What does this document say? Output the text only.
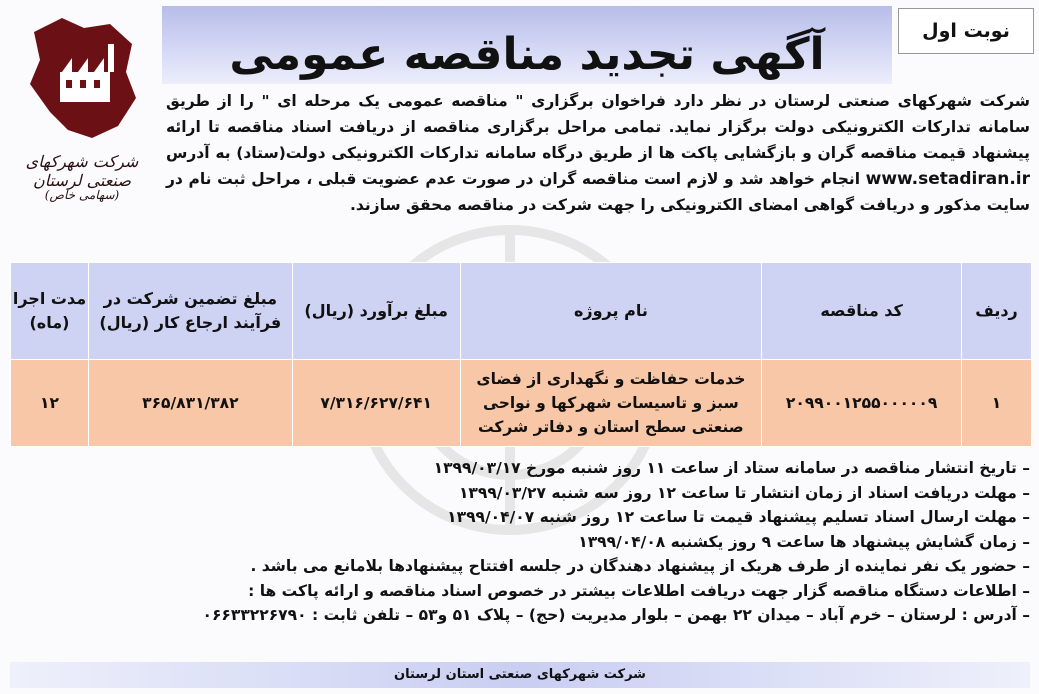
آگهی تجدید مناقصه عمومی	نوبت اول
شرکت شهرکهای صنعتی لرستان
(سهامی خاص)
شرکت شهرکهای صنعتی لرستان در نظر دارد فراخوان برگزاری " مناقصه عمومی یک مرحله ای " را از طریق سامانه تدارکات الکترونیکی دولت برگزار نماید. تمامی مراحل برگزاری مناقصه از دریافت اسناد مناقصه تا ارائه پیشنهاد قیمت مناقصه گران و بازگشایی پاکت ها از طریق درگاه سامانه تدارکات الکترونیکی دولت(ستاد) به آدرس www.setadiran.ir انجام خواهد شد و لازم است مناقصه گران در صورت عدم عضویت قبلی ، مراحل ثبت نام در سایت مذکور و دریافت گواهی امضای الکترونیکی را جهت شرکت در مناقصه محقق سازند.
ردیف	کد مناقصه	نام پروژه	مبلغ برآورد (ریال)	مبلغ تضمین شرکت در فرآیند ارجاع کار (ریال)	مدت اجرا (ماه)
۱	۲۰۹۹۰۰۱۲۵۵۰۰۰۰۰۹	خدمات حفاظت و نگهداری از فضای سبز و تاسیسات شهرکها و نواحی صنعتی سطح استان و دفاتر شرکت	۷/۳۱۶/۶۲۷/۶۴۱	۳۶۵/۸۳۱/۳۸۲	۱۲
– تاریخ انتشار مناقصه در سامانه ستاد از ساعت ۱۱ روز شنبه مورخ ۱۳۹۹/۰۳/۱۷
– مهلت دریافت اسناد از زمان انتشار تا ساعت ۱۲ روز سه شنبه ۱۳۹۹/۰۳/۲۷
– مهلت ارسال اسناد تسلیم پیشنهاد قیمت تا ساعت ۱۲ روز شنبه ۱۳۹۹/۰۴/۰۷
– زمان گشایش پیشنهاد ها ساعت ۹ روز یکشنبه ۱۳۹۹/۰۴/۰۸
– حضور یک نفر نماینده از طرف هریک از پیشنهاد دهندگان در جلسه افتتاح پیشنهادها بلامانع می باشد .
– اطلاعات دستگاه مناقصه گزار جهت دریافت اطلاعات بیشتر در خصوص اسناد مناقصه و ارائه پاکت ها :
– آدرس : لرستان – خرم آباد – میدان ۲۲ بهمن – بلوار مدیریت (حج) – پلاک ۵۱ و۵۳ – تلفن ثابت : ۰۶۶۳۳۲۲۶۷۹۰
شرکت شهرکهای صنعتی استان لرستان
